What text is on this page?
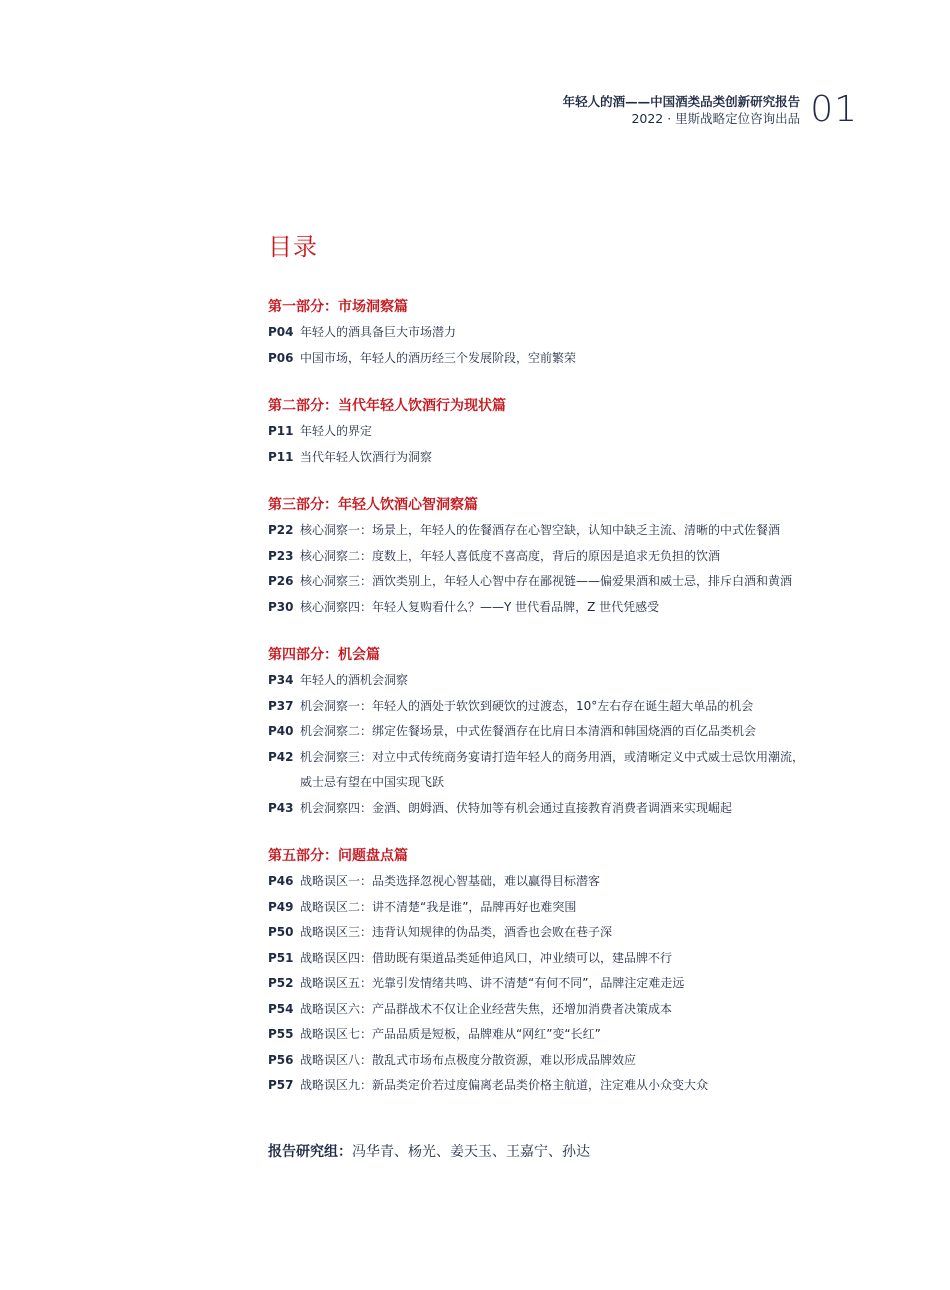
年轻人的酒——中国酒类品类创新研究报告
2022 · 里斯战略定位咨询出品 01
目录
第一部分：市场洞察篇
P04 年轻人的酒具备巨大市场潜力
P06 中国市场，年轻人的酒历经三个发展阶段，空前繁荣
第二部分：当代年轻人饮酒行为现状篇
P11 年轻人的界定
P11 当代年轻人饮酒行为洞察
第三部分：年轻人饮酒心智洞察篇
P22 核心洞察一：场景上，年轻人的佐餐酒存在心智空缺，认知中缺乏主流、清晰的中式佐餐酒
P23 核心洞察二：度数上，年轻人喜低度不喜高度，背后的原因是追求无负担的饮酒
P26 核心洞察三：酒饮类别上，年轻人心智中存在鄙视链——偏爱果酒和威士忌，排斥白酒和黄酒
P30 核心洞察四：年轻人复购看什么？——Y 世代看品牌，Z 世代凭感受
第四部分：机会篇
P34 年轻人的酒机会洞察
P37 机会洞察一：年轻人的酒处于软饮到硬饮的过渡态，10°左右存在诞生超大单品的机会
P40 机会洞察二：绑定佐餐场景，中式佐餐酒存在比肩日本清酒和韩国烧酒的百亿品类机会
P42 机会洞察三：对立中式传统商务宴请打造年轻人的商务用酒，或清晰定义中式威士忌饮用潮流，
威士忌有望在中国实现飞跃
P43 机会洞察四：金酒、朗姆酒、伏特加等有机会通过直接教育消费者调酒来实现崛起
第五部分：问题盘点篇
P46 战略误区一：品类选择忽视心智基础，难以赢得目标潜客
P49 战略误区二：讲不清楚“我是谁”，品牌再好也难突围
P50 战略误区三：违背认知规律的伪品类，酒香也会败在巷子深
P51 战略误区四：借助既有渠道品类延伸追风口，冲业绩可以，建品牌不行
P52 战略误区五：光靠引发情绪共鸣、讲不清楚“有何不同”，品牌注定难走远
P54 战略误区六：产品群战术不仅让企业经营失焦，还增加消费者决策成本
P55 战略误区七：产品品质是短板，品牌难从“网红”变“长红”
P56 战略误区八：散乱式市场布点极度分散资源，难以形成品牌效应
P57 战略误区九：新品类定价若过度偏离老品类价格主航道，注定难从小众变大众
报告研究组：冯华青、杨光、姜天玉、王嘉宁、孙达
